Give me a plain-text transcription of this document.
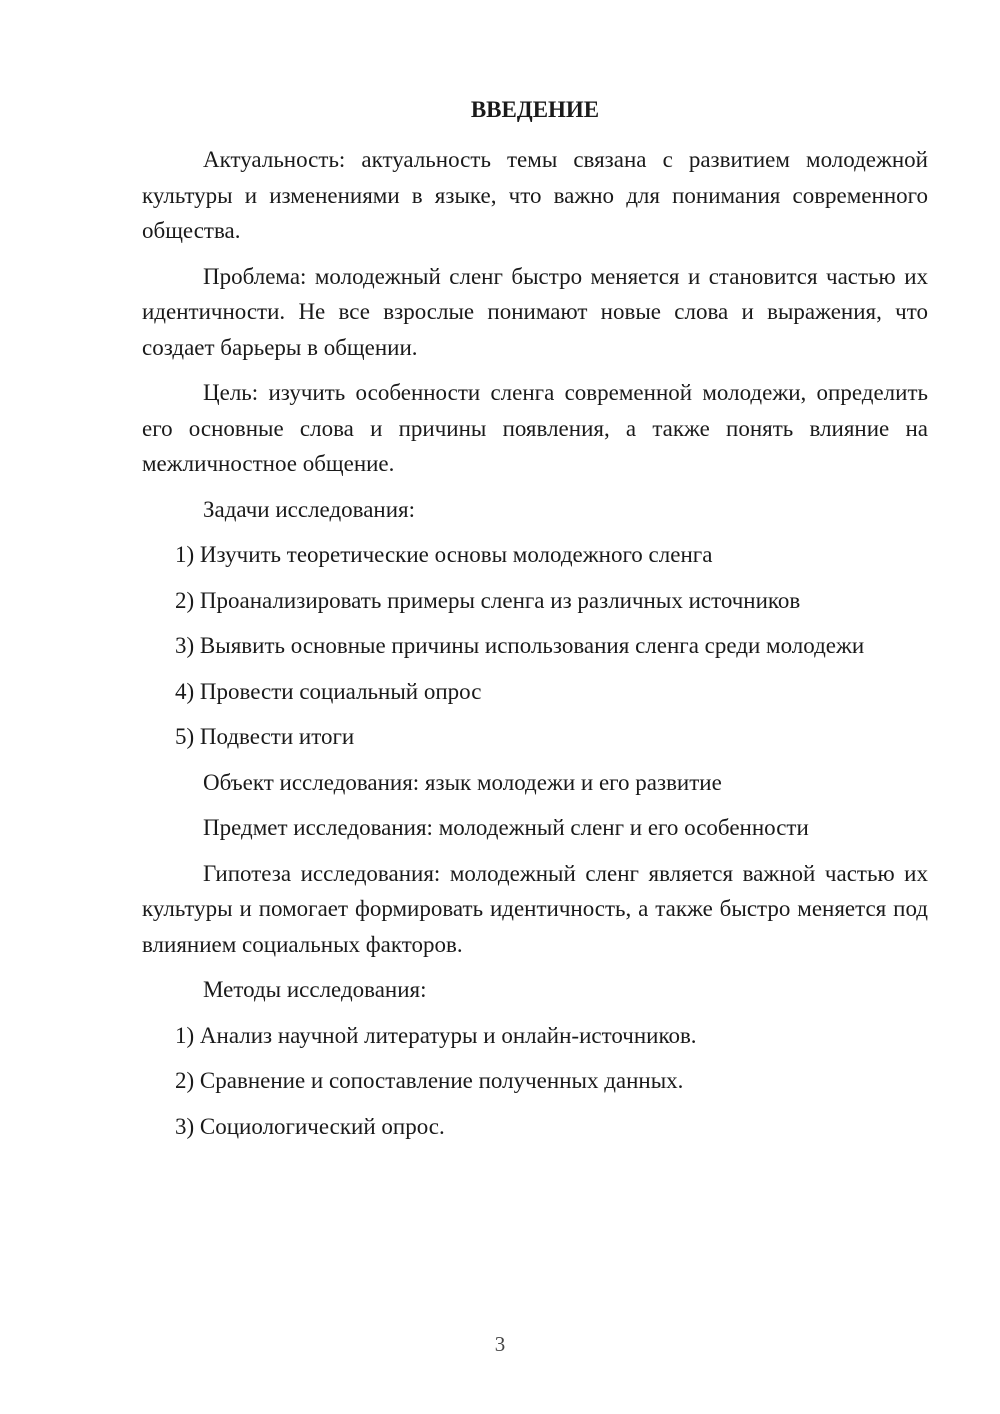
ВВЕДЕНИЕ

Актуальность: актуальность темы связана с развитием молодежной культуры и изменениями в языке, что важно для понимания современного общества.

Проблема: молодежный сленг быстро меняется и становится частью их идентичности. Не все взрослые понимают новые слова и выражения, что создает барьеры в общении.

Цель: изучить особенности сленга современной молодежи, определить его основные слова и причины появления, а также понять влияние на межличностное общение.

Задачи исследования:

1) Изучить теоретические основы молодежного сленга

2) Проанализировать примеры сленга из различных источников

3) Выявить основные причины использования сленга среди молодежи

4) Провести социальный опрос

5) Подвести итоги

Объект исследования: язык молодежи и его развитие

Предмет исследования: молодежный сленг и его особенности

Гипотеза исследования: молодежный сленг является важной частью их культуры и помогает формировать идентичность, а также быстро меняется под влиянием социальных факторов.

Методы исследования:

1) Анализ научной литературы и онлайн-источников.

2) Сравнение и сопоставление полученных данных.

3) Социологический опрос.

3
